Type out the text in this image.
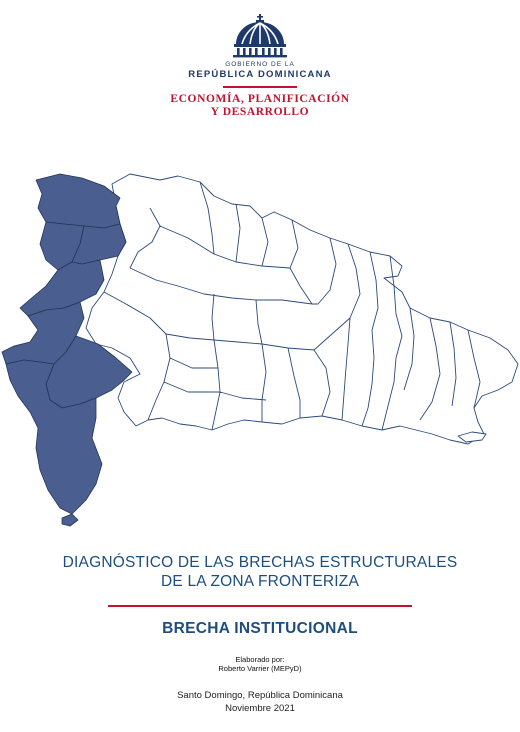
GOBIERNO DE LA
REPÚBLICA DOMINICANA
ECONOMÍA, PLANIFICACIÓN
Y DESARROLLO
DIAGNÓSTICO DE LAS BRECHAS ESTRUCTURALES
DE LA ZONA FRONTERIZA
BRECHA INSTITUCIONAL
Elaborado por:
Roberto Varrier (MEPyD)
Santo Domingo, República Dominicana
Noviembre 2021
